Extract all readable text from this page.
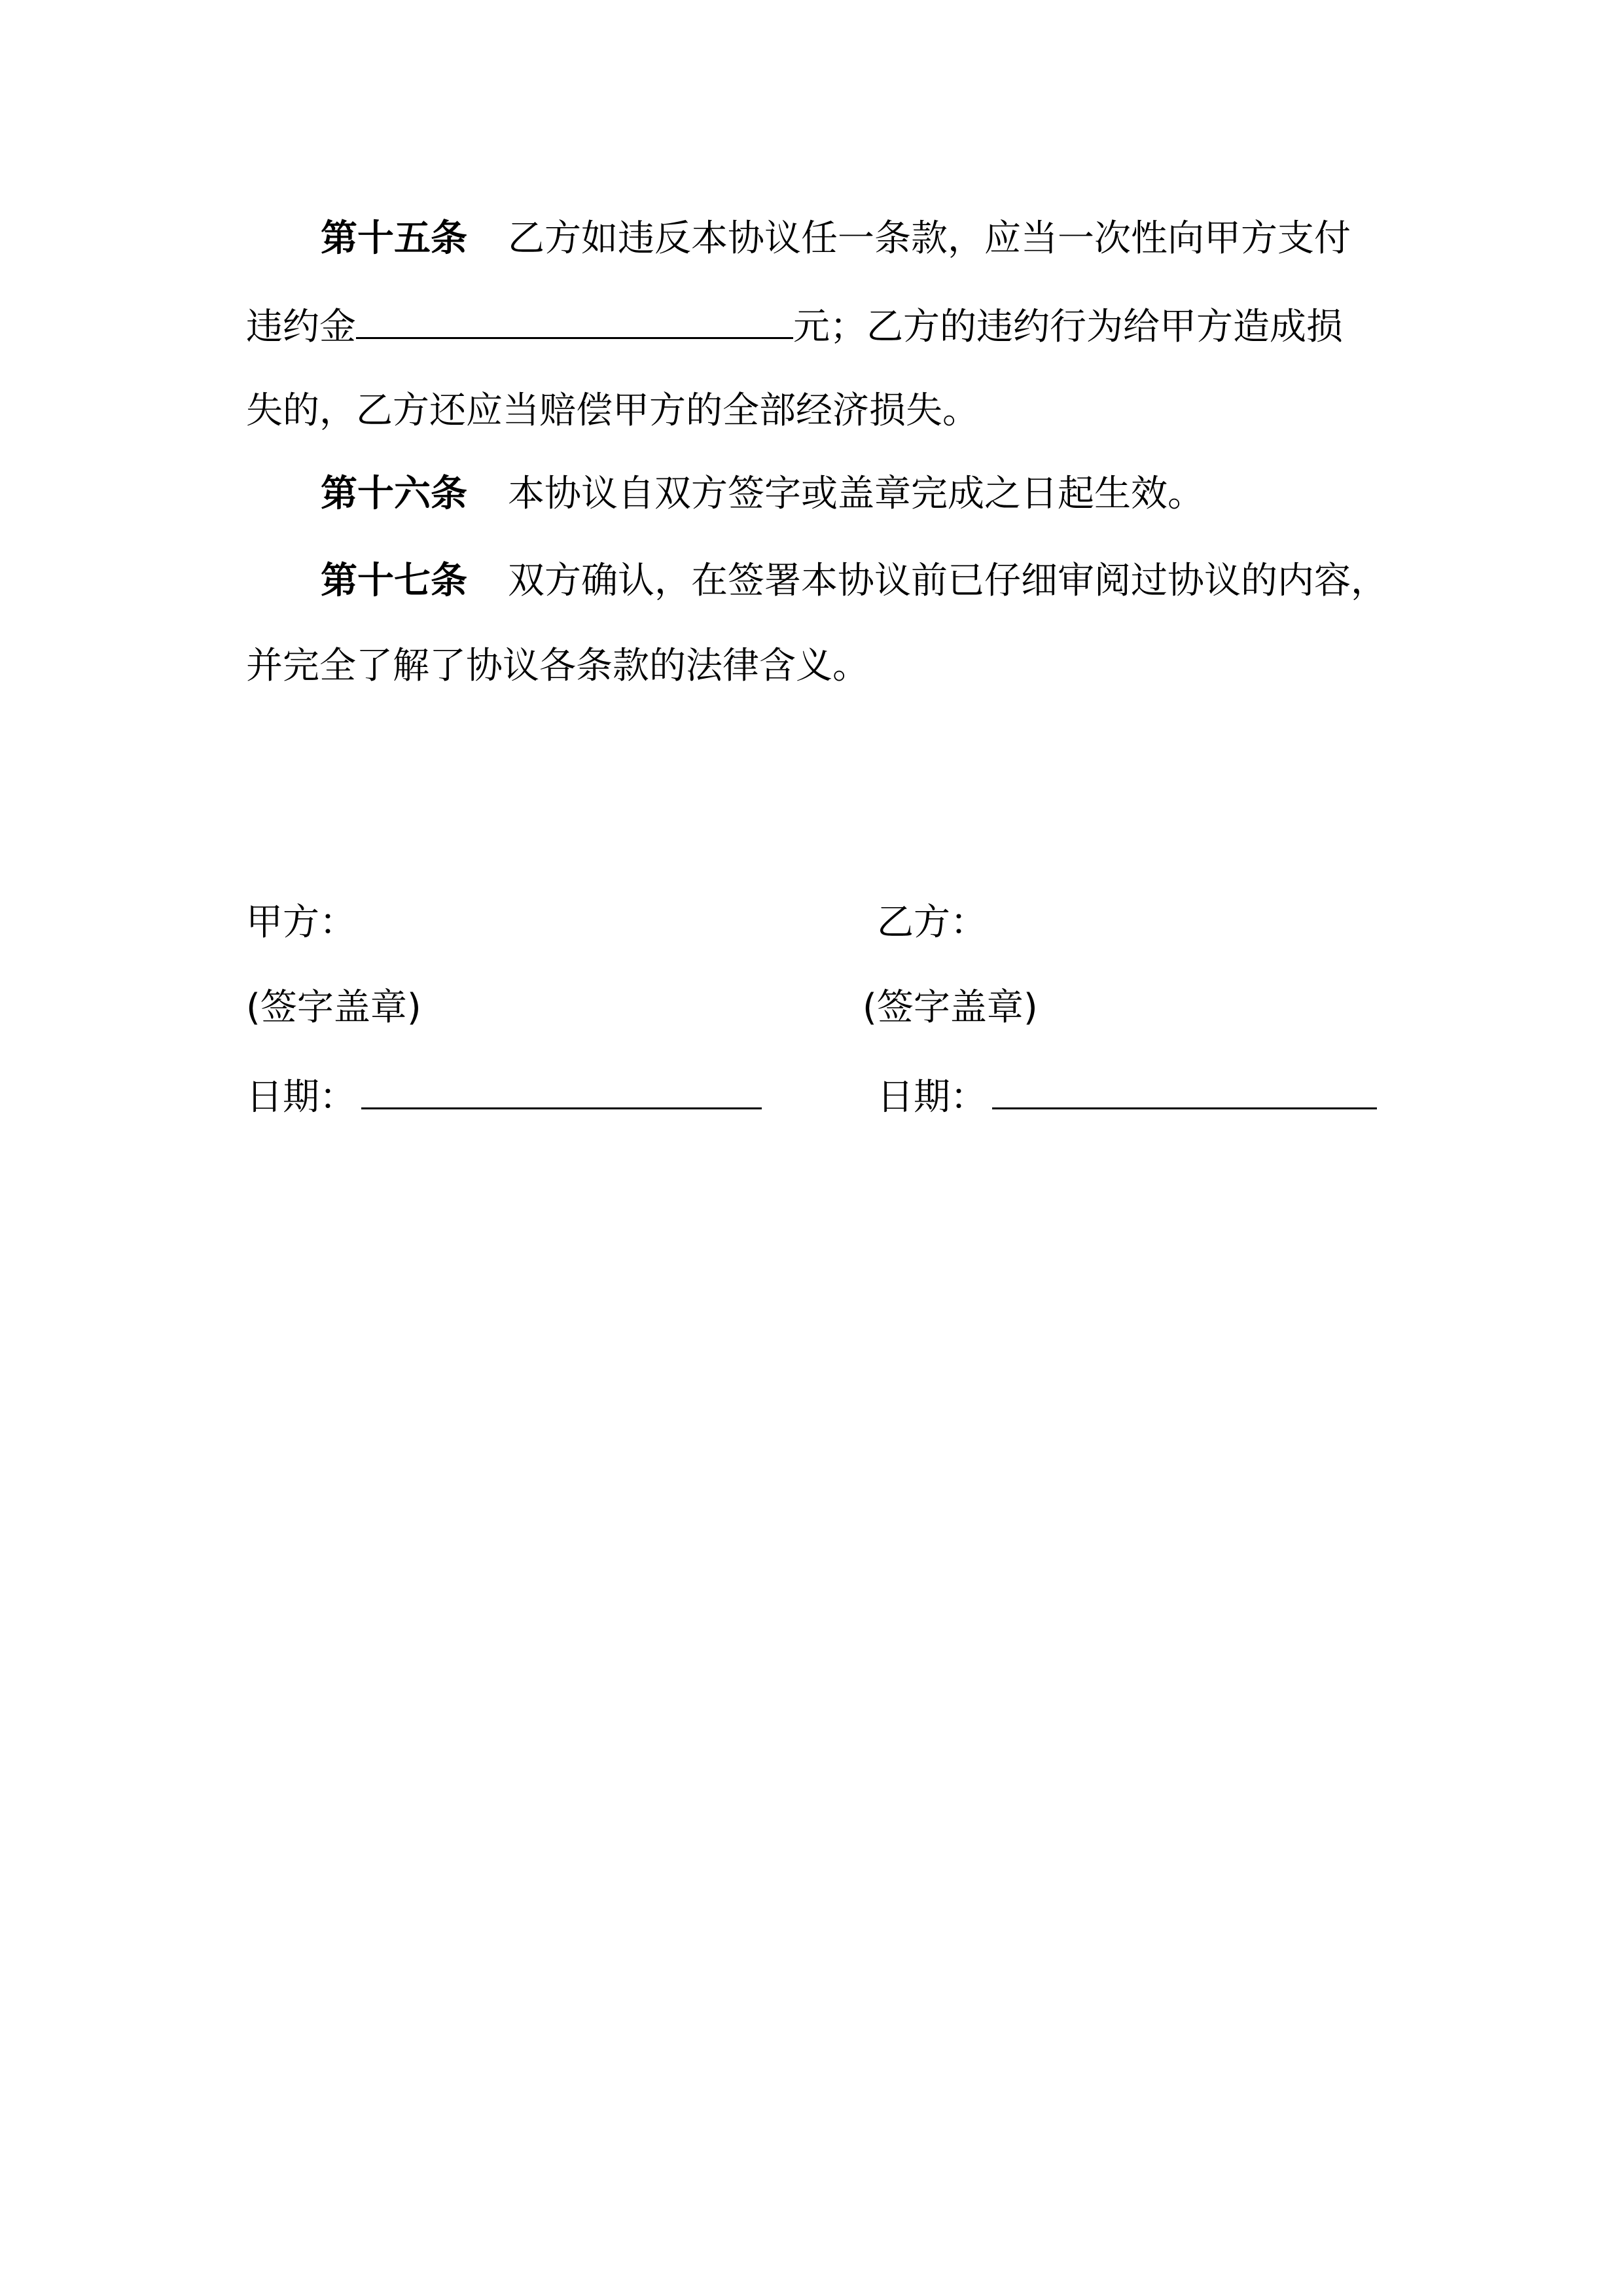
第十五条 乙方如违反本协议任一条款，应当一次性向甲方支付
违约金	元；乙方的违约行为给甲方造成损
失的，乙方还应当赔偿甲方的全部经济损失。
第十六条 本协议自双方签字或盖章完成之日起生效。
第十七条 双方确认，在签署本协议前已仔细审阅过协议的内容，
并完全了解了协议各条款的法律含义。
甲方：
(签字盖章)
日期：
乙方：
(签字盖章)
日期：
